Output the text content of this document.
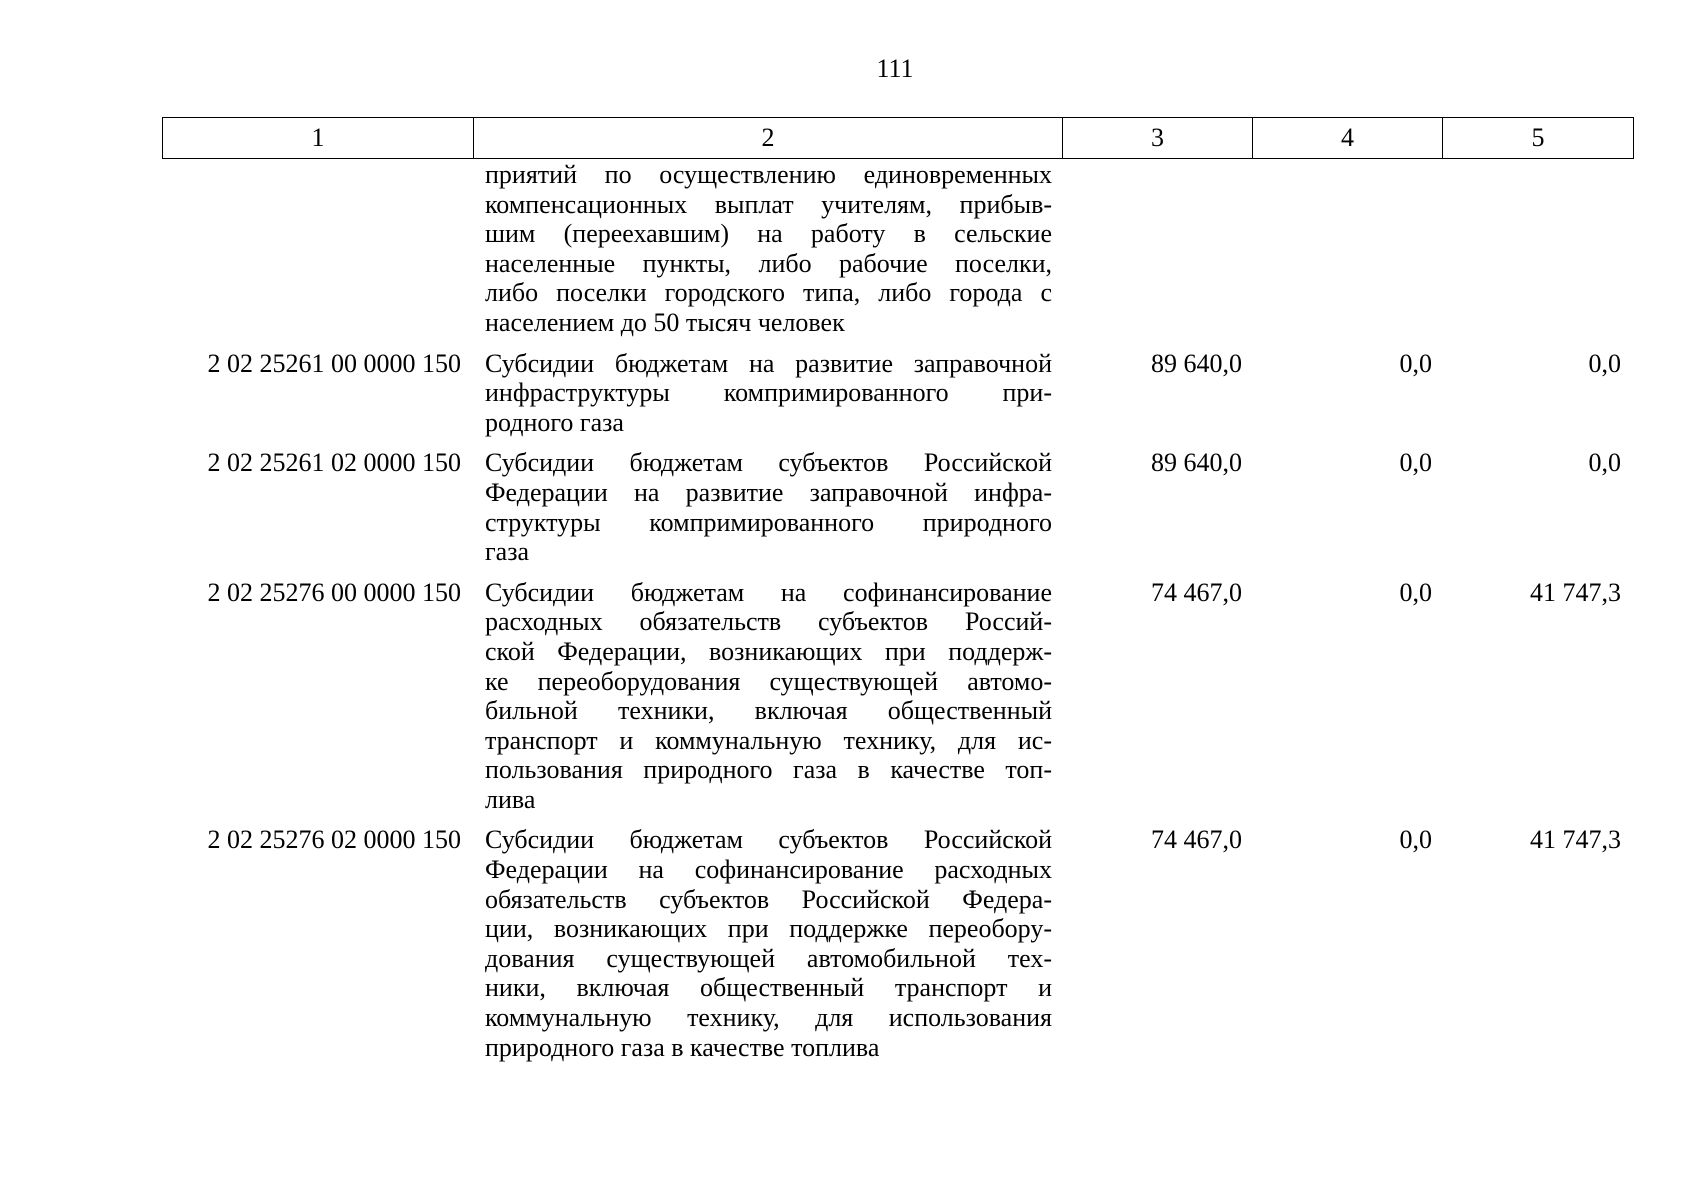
111
1	2	3	4	5
приятий по осуществлению единовременных
компенсационных выплат учителям, прибыв-
шим (переехавшим) на работу в сельские
населенные пункты, либо рабочие поселки,
либо поселки городского типа, либо города с
населением до 50 тысяч человек
2 02 25261 00 0000 150 Субсидии бюджетам на развитие заправочной
инфраструктуры компримированного при-
родного газа
89 640,0	0,0	0,0
2 02 25261 02 0000 150 Субсидии бюджетам субъектов Российской
Федерации на развитие заправочной инфра-
структуры компримированного природного
газа
89 640,0	0,0	0,0
2 02 25276 00 0000 150 Субсидии бюджетам на софинансирование
расходных обязательств субъектов Россий-
ской Федерации, возникающих при поддерж-
ке переоборудования существующей автомо-
бильной техники, включая общественный
транспорт и коммунальную технику, для ис-
пользования природного газа в качестве топ-
лива
74 467,0	0,0	41 747,3
2 02 25276 02 0000 150 Субсидии бюджетам субъектов Российской
Федерации на софинансирование расходных
обязательств субъектов Российской Федера-
ции, возникающих при поддержке переобору-
дования существующей автомобильной тех-
ники, включая общественный транспорт и
коммунальную технику, для использования
природного газа в качестве топлива
74 467,0	0,0	41 747,3
